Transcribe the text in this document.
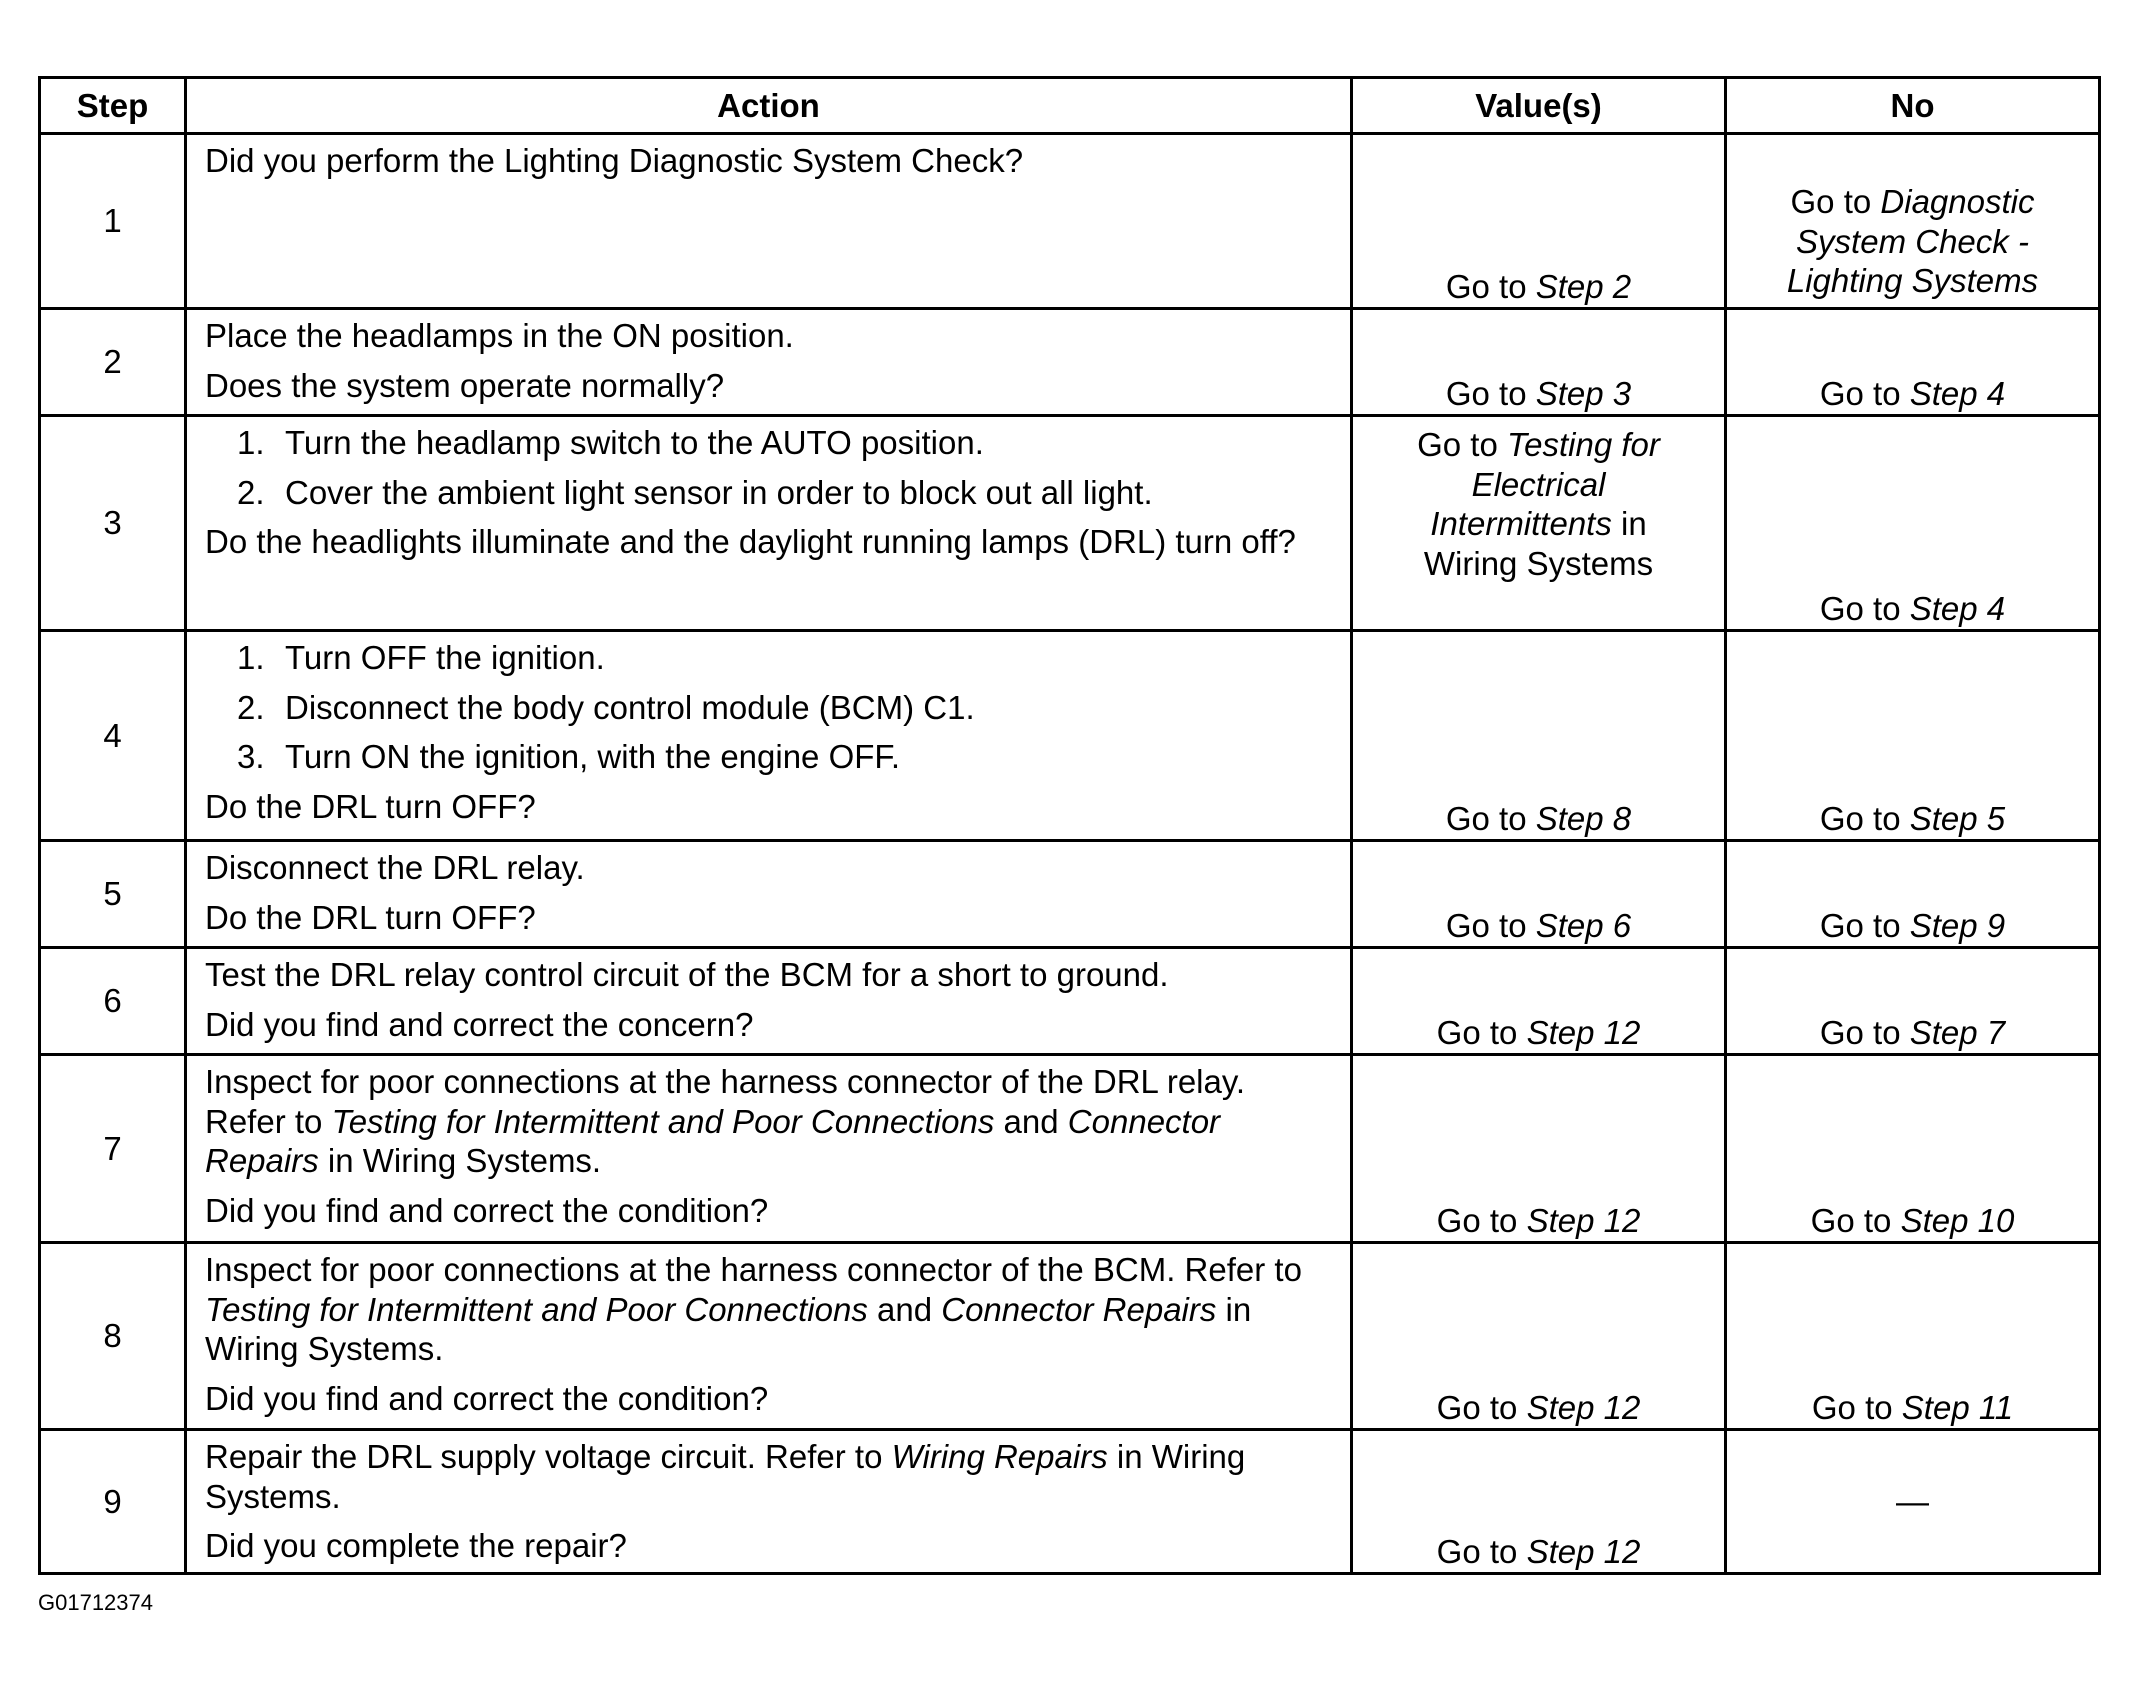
Step	Action	Value(s)	No
1	Did you perform the Lighting Diagnostic System Check?	Go to Step 2	Go to Diagnostic System Check - Lighting Systems
2	Place the headlamps in the ON position.
Does the system operate normally?	Go to Step 3	Go to Step 4
3	1. Turn the headlamp switch to the AUTO position.
2. Cover the ambient light sensor in order to block out all light.
Do the headlights illuminate and the daylight running lamps (DRL) turn off?	Go to Testing for Electrical Intermittents in Wiring Systems	Go to Step 4
4	1. Turn OFF the ignition.
2. Disconnect the body control module (BCM) C1.
3. Turn ON the ignition, with the engine OFF.
Do the DRL turn OFF?	Go to Step 8	Go to Step 5
5	Disconnect the DRL relay.
Do the DRL turn OFF?	Go to Step 6	Go to Step 9
6	Test the DRL relay control circuit of the BCM for a short to ground.
Did you find and correct the concern?	Go to Step 12	Go to Step 7
7	Inspect for poor connections at the harness connector of the DRL relay. Refer to Testing for Intermittent and Poor Connections and Connector Repairs in Wiring Systems.
Did you find and correct the condition?	Go to Step 12	Go to Step 10
8	Inspect for poor connections at the harness connector of the BCM. Refer to Testing for Intermittent and Poor Connections and Connector Repairs in Wiring Systems.
Did you find and correct the condition?	Go to Step 12	Go to Step 11
9	Repair the DRL supply voltage circuit. Refer to Wiring Repairs in Wiring Systems.
Did you complete the repair?	Go to Step 12	—
G01712374
